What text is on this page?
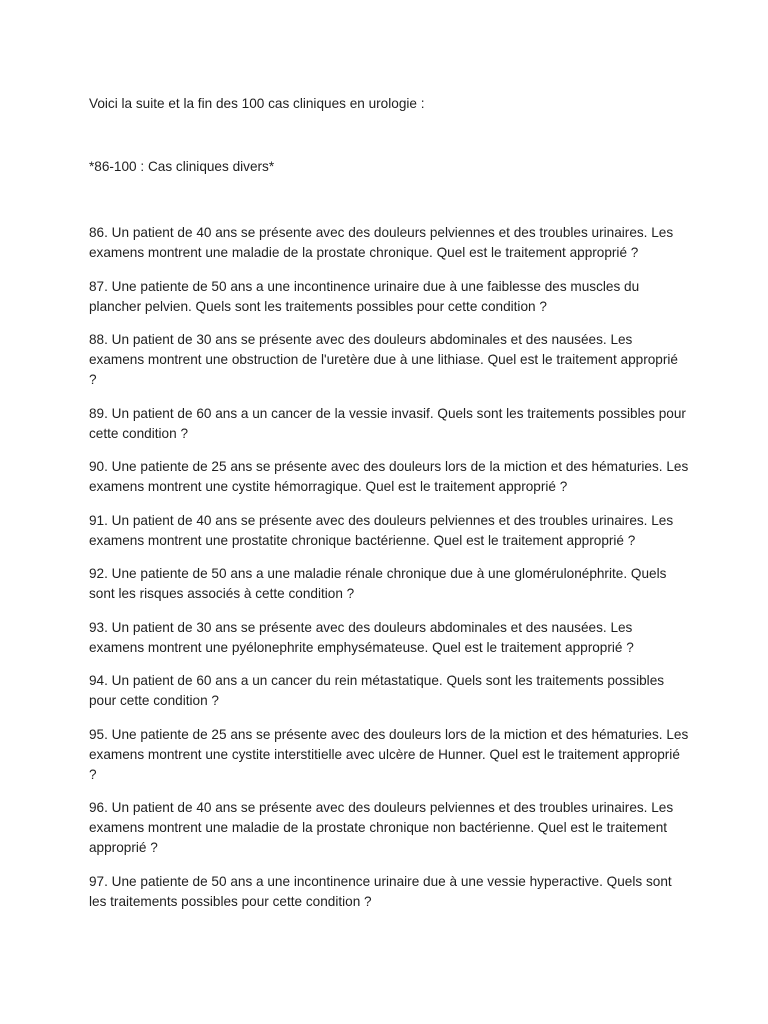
Voici la suite et la fin des 100 cas cliniques en urologie :

*86-100 : Cas cliniques divers*

86. Un patient de 40 ans se présente avec des douleurs pelviennes et des troubles urinaires. Les examens montrent une maladie de la prostate chronique. Quel est le traitement approprié ?
87. Une patiente de 50 ans a une incontinence urinaire due à une faiblesse des muscles du plancher pelvien. Quels sont les traitements possibles pour cette condition ?
88. Un patient de 30 ans se présente avec des douleurs abdominales et des nausées. Les examens montrent une obstruction de l'uretère due à une lithiase. Quel est le traitement approprié ?
89. Un patient de 60 ans a un cancer de la vessie invasif. Quels sont les traitements possibles pour cette condition ?
90. Une patiente de 25 ans se présente avec des douleurs lors de la miction et des hématuries. Les examens montrent une cystite hémorragique. Quel est le traitement approprié ?
91. Un patient de 40 ans se présente avec des douleurs pelviennes et des troubles urinaires. Les examens montrent une prostatite chronique bactérienne. Quel est le traitement approprié ?
92. Une patiente de 50 ans a une maladie rénale chronique due à une glomérulonéphrite. Quels sont les risques associés à cette condition ?
93. Un patient de 30 ans se présente avec des douleurs abdominales et des nausées. Les examens montrent une pyélonephrite emphysémateuse. Quel est le traitement approprié ?
94. Un patient de 60 ans a un cancer du rein métastatique. Quels sont les traitements possibles pour cette condition ?
95. Une patiente de 25 ans se présente avec des douleurs lors de la miction et des hématuries. Les examens montrent une cystite interstitielle avec ulcère de Hunner. Quel est le traitement approprié ?
96. Un patient de 40 ans se présente avec des douleurs pelviennes et des troubles urinaires. Les examens montrent une maladie de la prostate chronique non bactérienne. Quel est le traitement approprié ?
97. Une patiente de 50 ans a une incontinence urinaire due à une vessie hyperactive. Quels sont les traitements possibles pour cette condition ?
